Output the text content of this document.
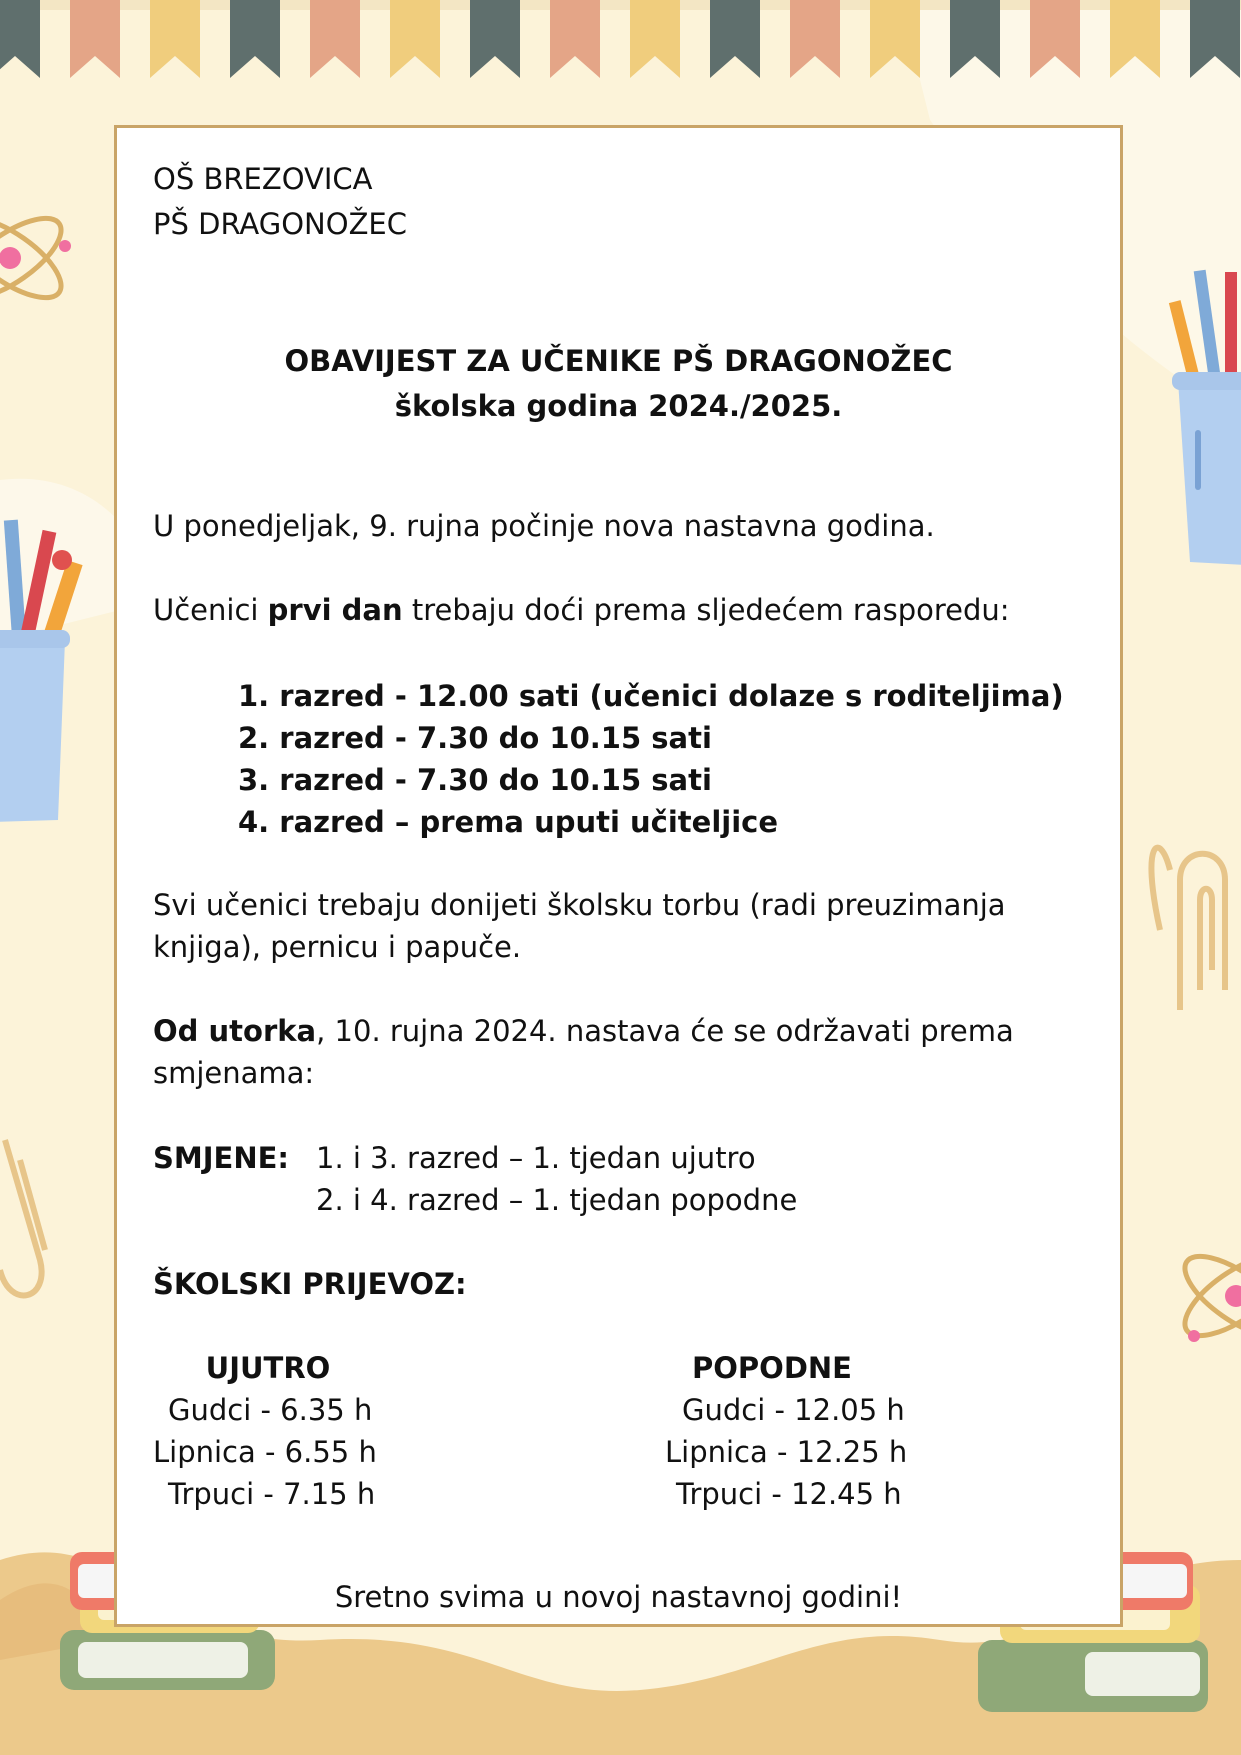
OŠ BREZOVICA
PŠ DRAGONOŽEC
OBAVIJEST ZA UČENIKE PŠ DRAGONOŽEC
školska godina 2024./2025.
U ponedjeljak, 9. rujna počinje nova nastavna godina.
Učenici prvi dan trebaju doći prema sljedećem rasporedu:
1. razred - 12.00 sati (učenici dolaze s roditeljima)
2. razred - 7.30 do 10.15 sati
3. razred - 7.30 do 10.15 sati
4. razred – prema uputi učiteljice
Svi učenici trebaju donijeti školsku torbu (radi preuzimanja
knjiga), pernicu i papuče.
Od utorka, 10. rujna 2024. nastava će se održavati prema
smjenama:
SMJENE: 1. i 3. razred – 1. tjedan ujutro
2. i 4. razred – 1. tjedan popodne
ŠKOLSKI PRIJEVOZ:
UJUTRO
Gudci - 6.35 h
Lipnica - 6.55 h
Trpuci - 7.15 h
POPODNE
Gudci - 12.05 h
Lipnica - 12.25 h
Trpuci - 12.45 h
Sretno svima u novoj nastavnoj godini!
